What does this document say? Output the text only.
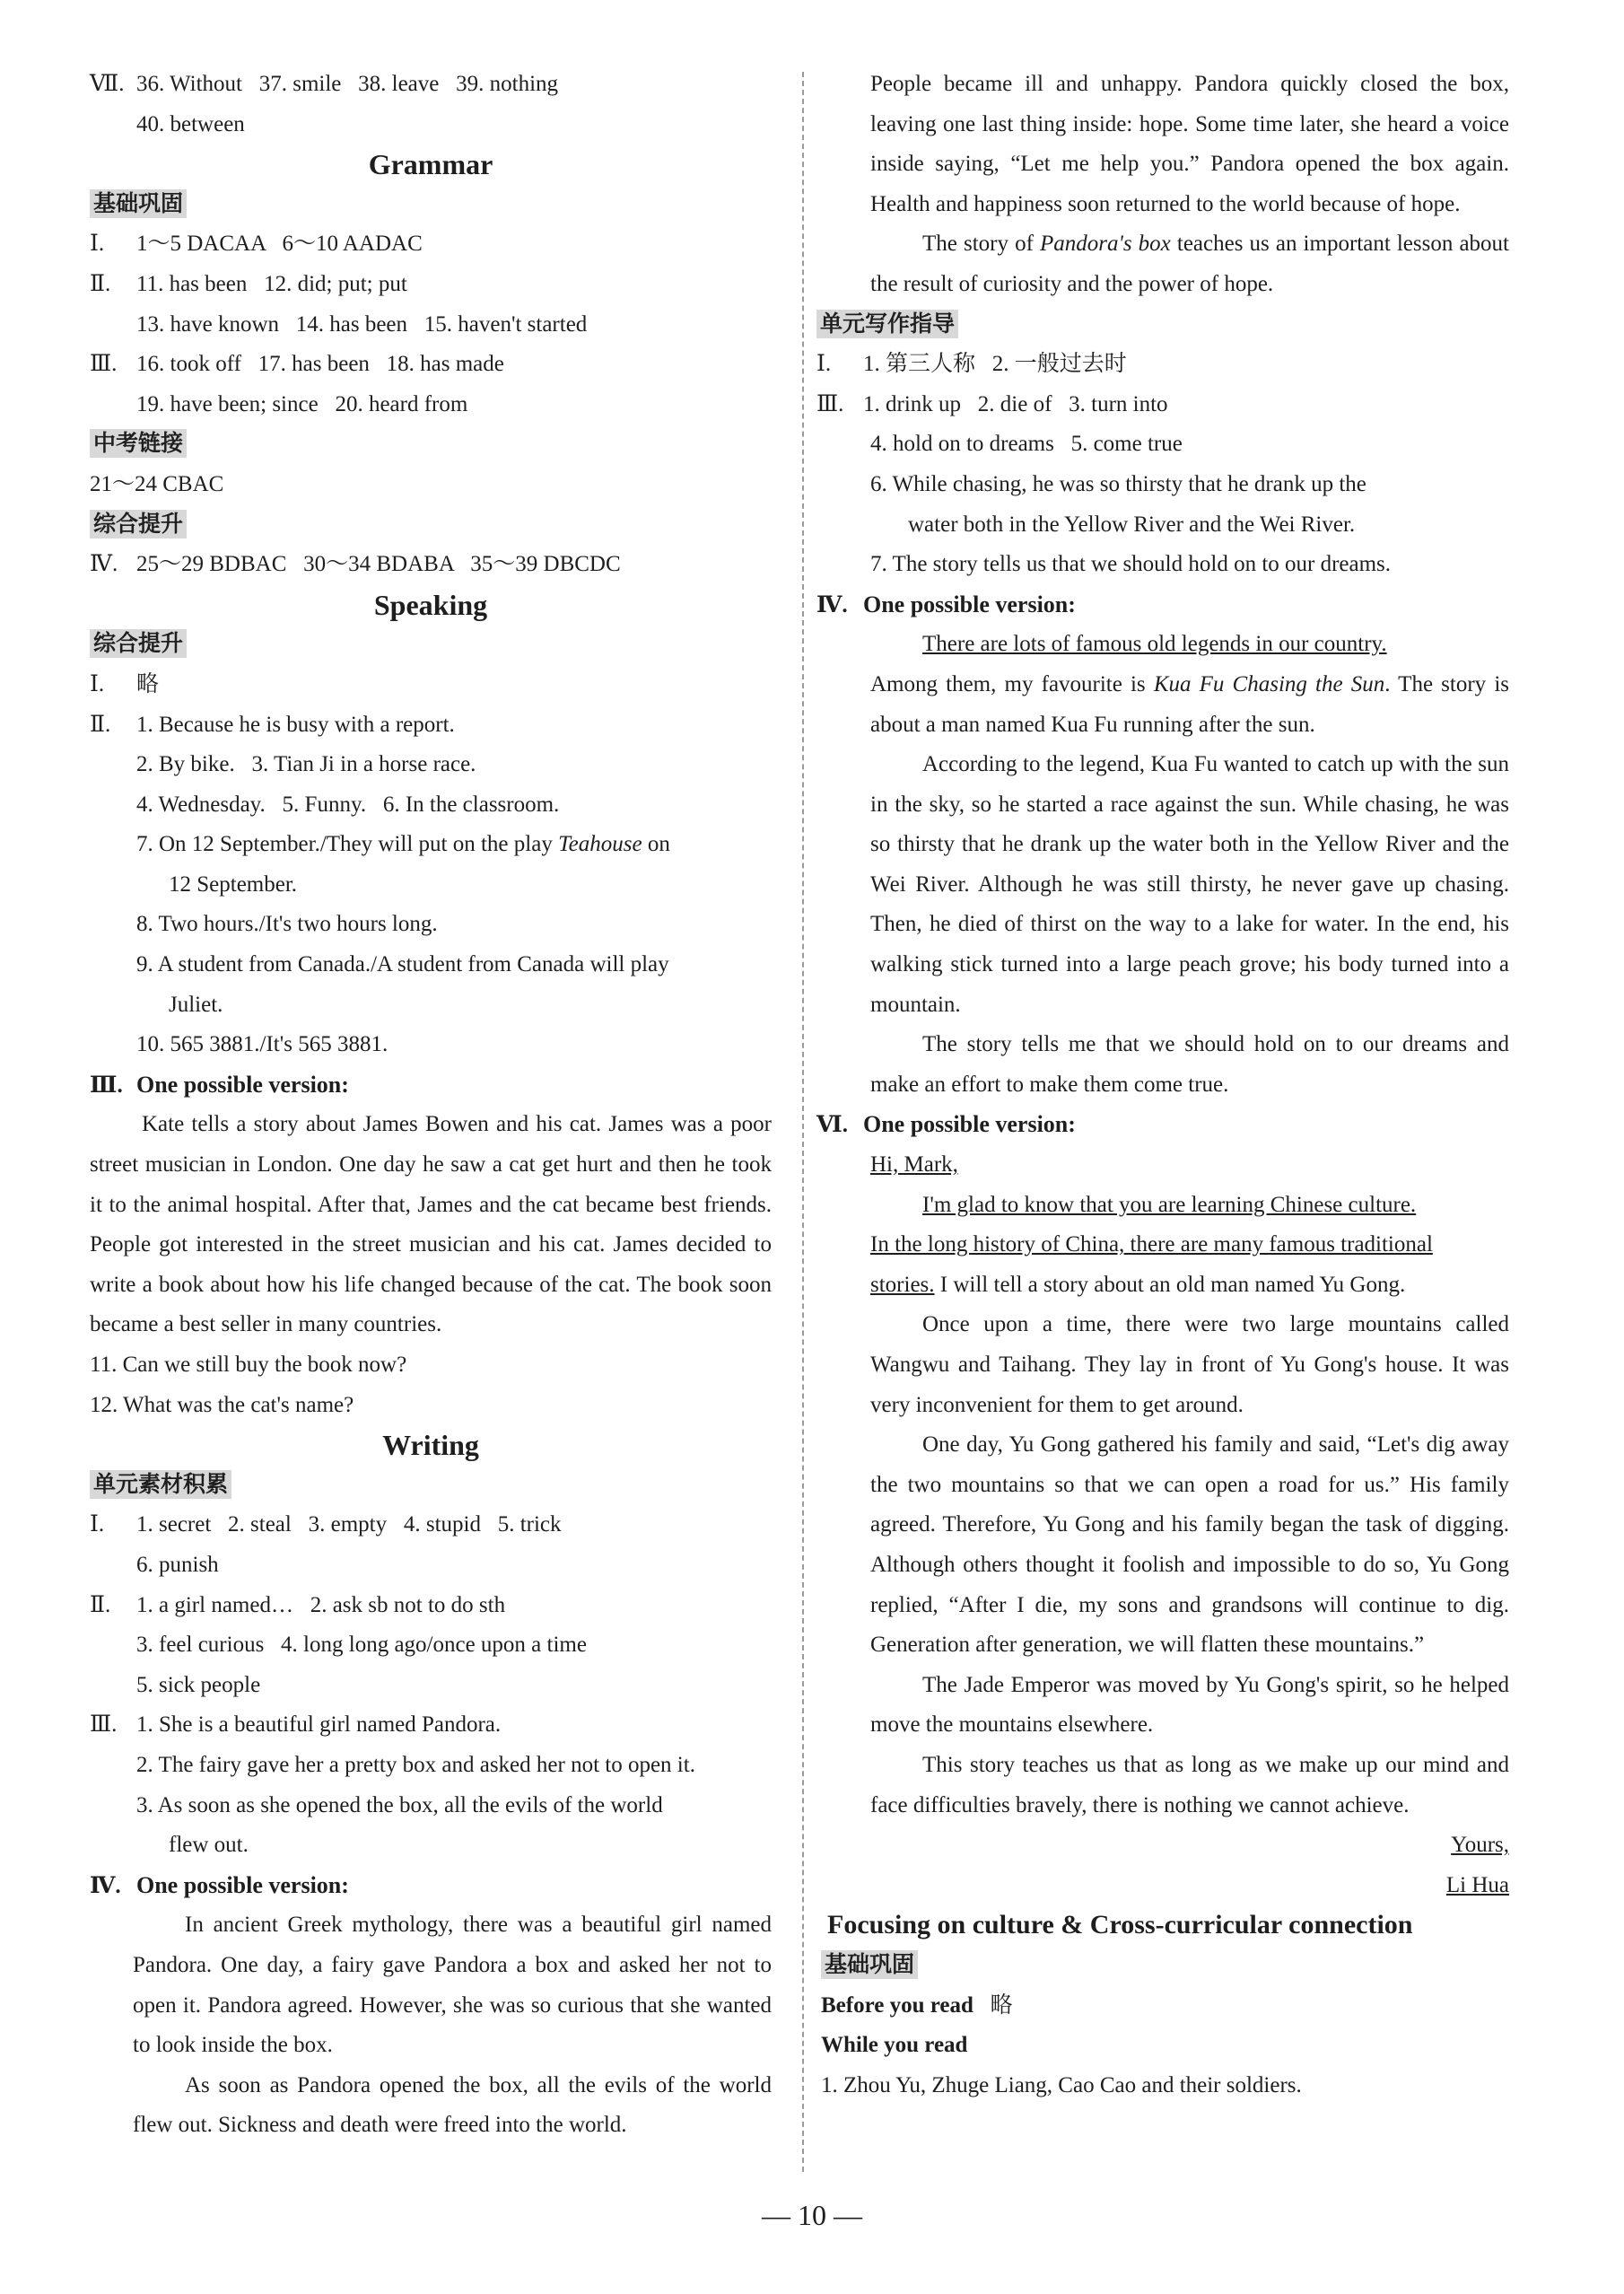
Ⅶ. 36. Without   37. smile   38. leave   39. nothing
40. between
Grammar
基础巩固
Ⅰ. 1～5 DACAA   6～10 AADAC
Ⅱ. 11. has been   12. did; put; put
13. have known   14. has been   15. haven't started
Ⅲ. 16. took off   17. has been   18. has made
19. have been; since   20. heard from
中考链接
21～24 CBAC
综合提升
Ⅳ. 25～29 BDBAC   30～34 BDABA   35～39 DBCDC
Speaking
综合提升
Ⅰ. 略
Ⅱ. 1. Because he is busy with a report.
2. By bike.   3. Tian Ji in a horse race.
4. Wednesday.   5. Funny.   6. In the classroom.
7. On 12 September./They will put on the play Teahouse on
12 September.
8. Two hours./It's two hours long.
9. A student from Canada./A student from Canada will play
Juliet.
10. 565 3881./It's 565 3881.
Ⅲ. One possible version:
Kate tells a story about James Bowen and his cat. James was a poor street musician in London. One day he saw a cat get hurt and then he took it to the animal hospital. After that, James and the cat became best friends. People got interested in the street musician and his cat. James decided to write a book about how his life changed because of the cat. The book soon became a best seller in many countries.
11. Can we still buy the book now?
12. What was the cat's name?
Writing
单元素材积累
Ⅰ. 1. secret   2. steal   3. empty   4. stupid   5. trick
6. punish
Ⅱ. 1. a girl named…   2. ask sb not to do sth
3. feel curious   4. long long ago/once upon a time
5. sick people
Ⅲ. 1. She is a beautiful girl named Pandora.
2. The fairy gave her a pretty box and asked her not to open it.
3. As soon as she opened the box, all the evils of the world
flew out.
Ⅳ. One possible version:
In ancient Greek mythology, there was a beautiful girl named Pandora. One day, a fairy gave Pandora a box and asked her not to open it. Pandora agreed. However, she was so curious that she wanted to look inside the box.
As soon as Pandora opened the box, all the evils of the world flew out. Sickness and death were freed into the world.
People became ill and unhappy. Pandora quickly closed the box, leaving one last thing inside: hope. Some time later, she heard a voice inside saying, “Let me help you.” Pandora opened the box again. Health and happiness soon returned to the world because of hope.
The story of Pandora's box teaches us an important lesson about the result of curiosity and the power of hope.
单元写作指导
Ⅰ. 1. 第三人称   2. 一般过去时
Ⅲ. 1. drink up   2. die of   3. turn into
4. hold on to dreams   5. come true
6. While chasing, he was so thirsty that he drank up the
water both in the Yellow River and the Wei River.
7. The story tells us that we should hold on to our dreams.
Ⅳ. One possible version:
There are lots of famous old legends in our country.
Among them, my favourite is Kua Fu Chasing the Sun. The story is about a man named Kua Fu running after the sun.
According to the legend, Kua Fu wanted to catch up with the sun in the sky, so he started a race against the sun. While chasing, he was so thirsty that he drank up the water both in the Yellow River and the Wei River. Although he was still thirsty, he never gave up chasing. Then, he died of thirst on the way to a lake for water. In the end, his walking stick turned into a large peach grove; his body turned into a mountain.
The story tells me that we should hold on to our dreams and make an effort to make them come true.
Ⅵ. One possible version:
Hi, Mark,
I'm glad to know that you are learning Chinese culture.
In the long history of China, there are many famous traditional
stories. I will tell a story about an old man named Yu Gong.
Once upon a time, there were two large mountains called Wangwu and Taihang. They lay in front of Yu Gong's house. It was very inconvenient for them to get around.
One day, Yu Gong gathered his family and said, “Let's dig away the two mountains so that we can open a road for us.” His family agreed. Therefore, Yu Gong and his family began the task of digging. Although others thought it foolish and impossible to do so, Yu Gong replied, “After I die, my sons and grandsons will continue to dig. Generation after generation, we will flatten these mountains.”
The Jade Emperor was moved by Yu Gong's spirit, so he helped move the mountains elsewhere.
This story teaches us that as long as we make up our mind and face difficulties bravely, there is nothing we cannot achieve.
Yours,
Li Hua
Focusing on culture & Cross-curricular connection
基础巩固
Before you read 略
While you read
1. Zhou Yu, Zhuge Liang, Cao Cao and their soldiers.
— 10 —
